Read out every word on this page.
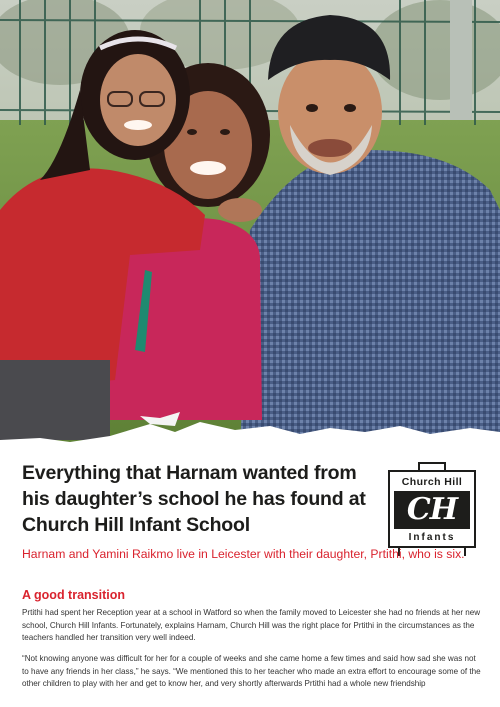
Everything that Harnam wanted from his daughter’s school he has found at Church Hill Infant School
Church Hill
CH
Infants

Harnam and Yamini Raikmo live in Leicester with their daughter, Prtithi, who is six.

A good transition

Prtithi had spent her Reception year at a school in Watford so when the family moved to Leicester she had no friends at her new school, Church Hill Infants. Fortunately, explains Harnam, Church Hill was the right place for Prtithi in the circumstances as the teachers handled her transition very well indeed.

“Not knowing anyone was difficult for her for a couple of weeks and she came home a few times and said how sad she was not to have any friends in her class,” he says. “We mentioned this to her teacher who made an extra effort to encourage some of the other children to play with her and get to know her, and very shortly afterwards Prtithi had a whole new friendship
